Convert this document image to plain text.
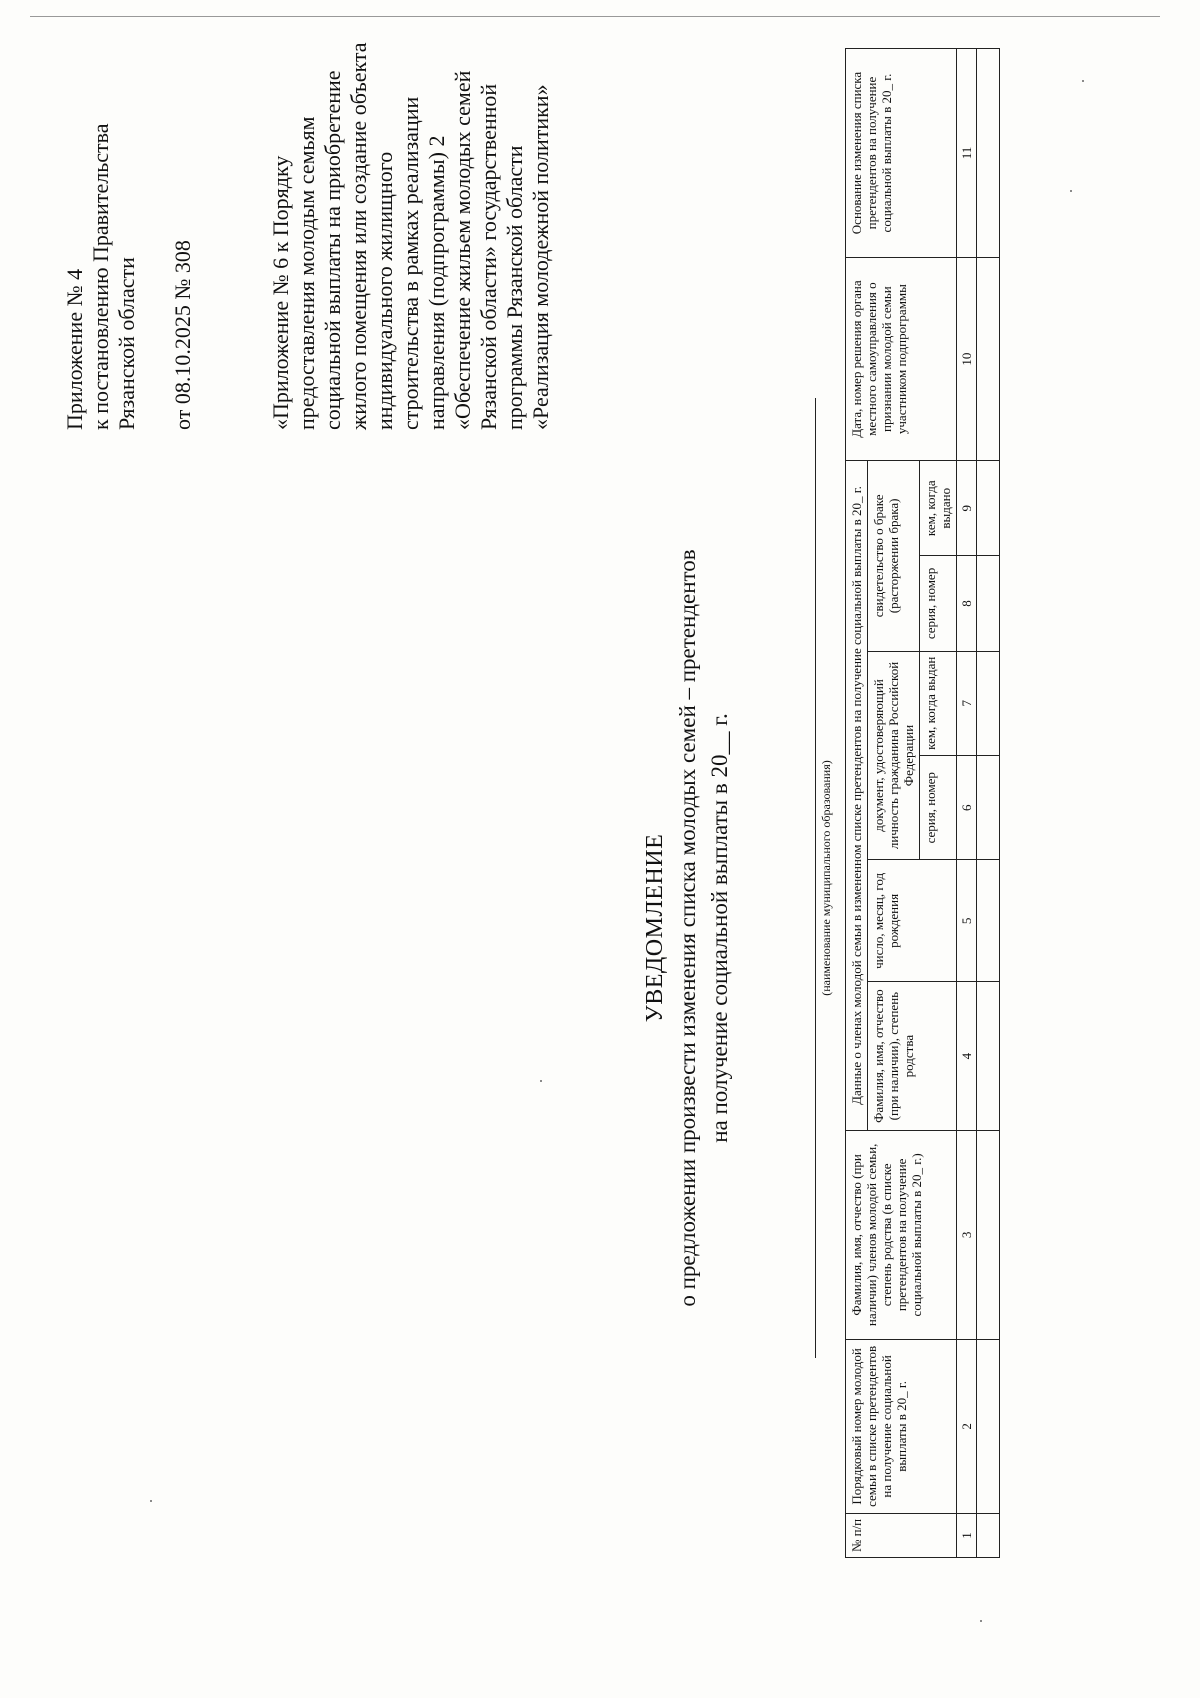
Приложение № 4 к постановлению Правительства Рязанской области от 08.10.2025 № 308	«Приложение № 6 к Порядку предоставления молодым семьям социальной выплаты на приобретение жилого помещения или создание объекта индивидуального жилищного строительства в рамках реализации направления (подпрограммы) 2 «Обеспечение жильем молодых семей Рязанской области» государственной программы Рязанской области «Реализация молодежной политики»
УВЕДОМЛЕНИЕ о предложении произвести изменения списка молодых семей – претендентов на получение социальной выплаты в 20__ г.	(наименование муниципального образования)
№ п/п	Порядковый номер молодой семьи в списке претендентов на получение социальной выплаты в 20_ г.	Фамилия, имя, отчество (при наличии) членов молодой семьи, степень родства (в списке претендентов на получение социальной выплаты в 20_ г.)	Данные о членах молодой семьи в измененном списке претендентов на получение социальной выплаты в 20_ г.						Дата, номер решения органа местного самоуправления о признании молодой семьи участником подпрограммы	Основание изменения списка претендентов на получение социальной выплаты в 20_ г.
			Фамилия, имя, отчество (при наличии), степень родства	число, месяц, год рождения	документ, удостоверяющий личность гражданина Российской Федерации		свидетельство о браке (расторжении брака)			
					серия, номер	кем, когда выдан	серия, номер	кем, когда выдано		
1	2	3	4	5	6	7	8	9	10	11
